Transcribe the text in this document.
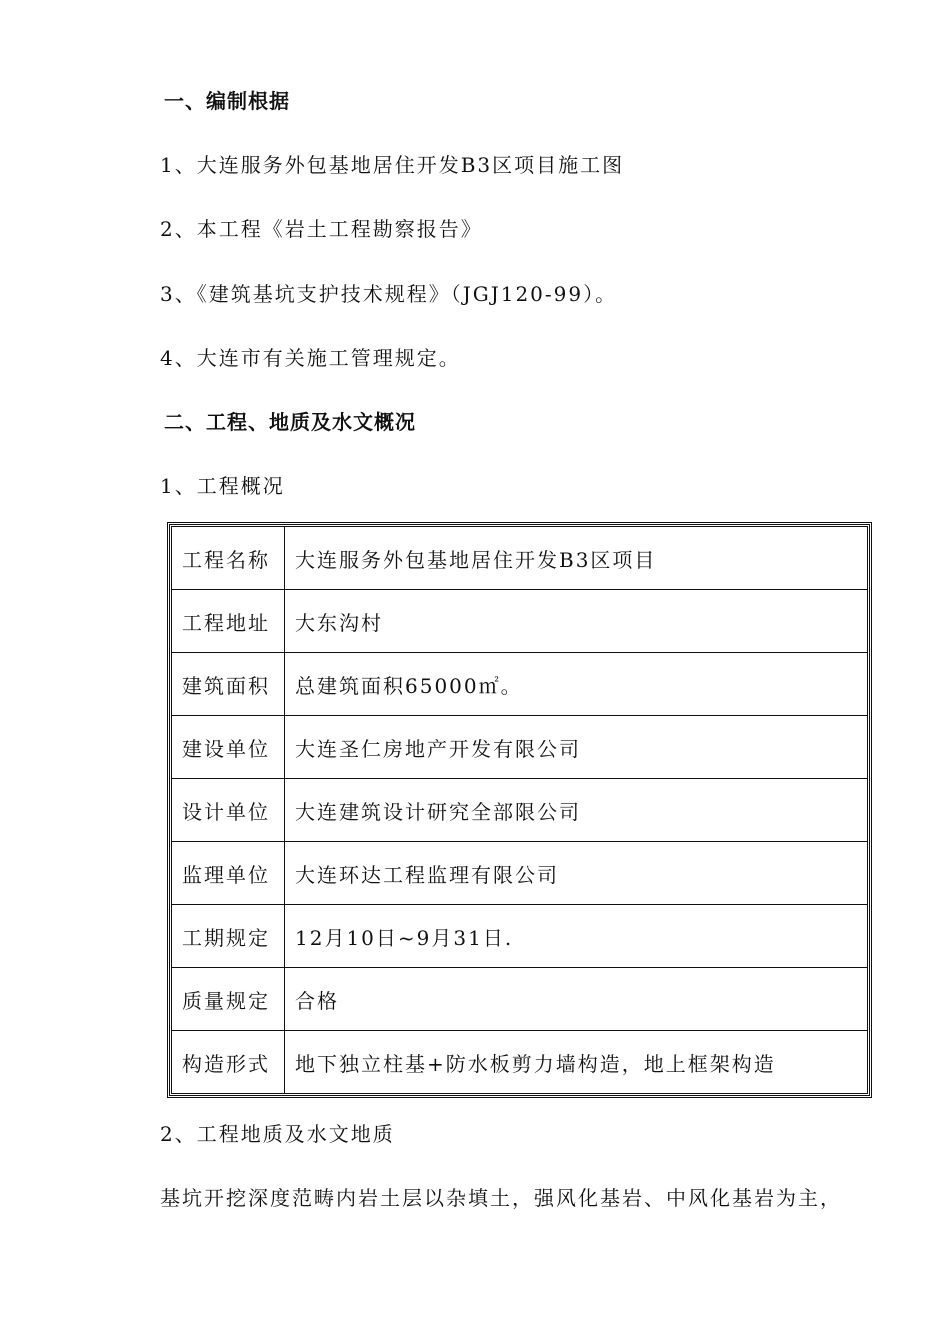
一、编制根据
1、大连服务外包基地居住开发B3区项目施工图
2、本工程《岩土工程勘察报告》
3、《建筑基坑支护技术规程》（JGJ120-99）。
4、大连市有关施工管理规定。
二、工程、地质及水文概况
1、工程概况
工程名称	大连服务外包基地居住开发B3区项目
工程地址	大东沟村
建筑面积	总建筑面积65000㎡。
建设单位	大连圣仁房地产开发有限公司
设计单位	大连建筑设计研究全部限公司
监理单位	大连环达工程监理有限公司
工期规定	12月10日~9月31日.
质量规定	合格
构造形式	地下独立柱基+防水板剪力墙构造，地上框架构造
2、工程地质及水文地质
基坑开挖深度范畴内岩土层以杂填土，强风化基岩、中风化基岩为主，
